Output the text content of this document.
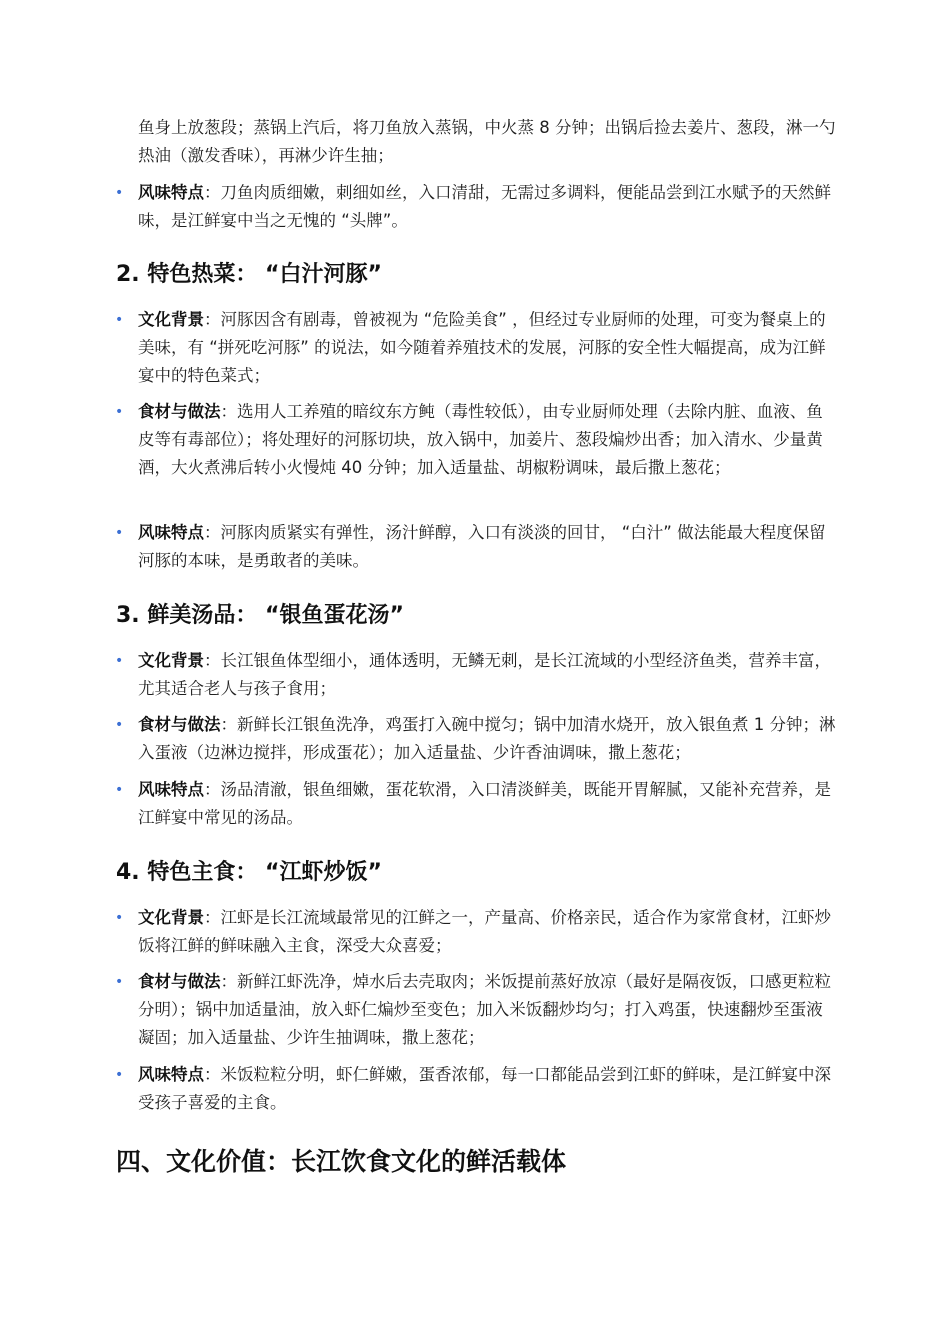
鱼身上放葱段；蒸锅上汽后，将刀鱼放入蒸锅，中火蒸 8 分钟；出锅后捡去姜片、葱段，淋一勺热油（激发香味），再淋少许生抽；

• 风味特点：刀鱼肉质细嫩，刺细如丝，入口清甜，无需过多调料，便能品尝到江水赋予的天然鲜味，是江鲜宴中当之无愧的 “头牌”。
2. 特色热菜： “白汁河豚”
• 文化背景：河豚因含有剧毒，曾被视为 “危险美食” ，但经过专业厨师的处理，可变为餐桌上的美味，有 “拼死吃河豚” 的说法，如今随着养殖技术的发展，河豚的安全性大幅提高，成为江鲜宴中的特色菜式；
• 食材与做法：选用人工养殖的暗纹东方鲀（毒性较低），由专业厨师处理（去除内脏、血液、鱼皮等有毒部位）；将处理好的河豚切块，放入锅中，加姜片、葱段煸炒出香；加入清水、少量黄酒，大火煮沸后转小火慢炖 40 分钟；加入适量盐、胡椒粉调味，最后撒上葱花；
• 风味特点：河豚肉质紧实有弹性，汤汁鲜醇，入口有淡淡的回甘， “白汁” 做法能最大程度保留河豚的本味，是勇敢者的美味。
3. 鲜美汤品： “银鱼蛋花汤”
• 文化背景：长江银鱼体型细小，通体透明，无鳞无刺，是长江流域的小型经济鱼类，营养丰富，尤其适合老人与孩子食用；
• 食材与做法：新鲜长江银鱼洗净，鸡蛋打入碗中搅匀；锅中加清水烧开，放入银鱼煮 1 分钟；淋入蛋液（边淋边搅拌，形成蛋花）；加入适量盐、少许香油调味，撒上葱花；
• 风味特点：汤品清澈，银鱼细嫩，蛋花软滑，入口清淡鲜美，既能开胃解腻，又能补充营养，是江鲜宴中常见的汤品。
4. 特色主食： “江虾炒饭”
• 文化背景：江虾是长江流域最常见的江鲜之一，产量高、价格亲民，适合作为家常食材，江虾炒饭将江鲜的鲜味融入主食，深受大众喜爱；
• 食材与做法：新鲜江虾洗净，焯水后去壳取肉；米饭提前蒸好放凉（最好是隔夜饭，口感更粒粒分明）；锅中加适量油，放入虾仁煸炒至变色；加入米饭翻炒均匀；打入鸡蛋，快速翻炒至蛋液凝固；加入适量盐、少许生抽调味，撒上葱花；
• 风味特点：米饭粒粒分明，虾仁鲜嫩，蛋香浓郁，每一口都能品尝到江虾的鲜味，是江鲜宴中深受孩子喜爱的主食。
四、文化价值：长江饮食文化的鲜活载体
